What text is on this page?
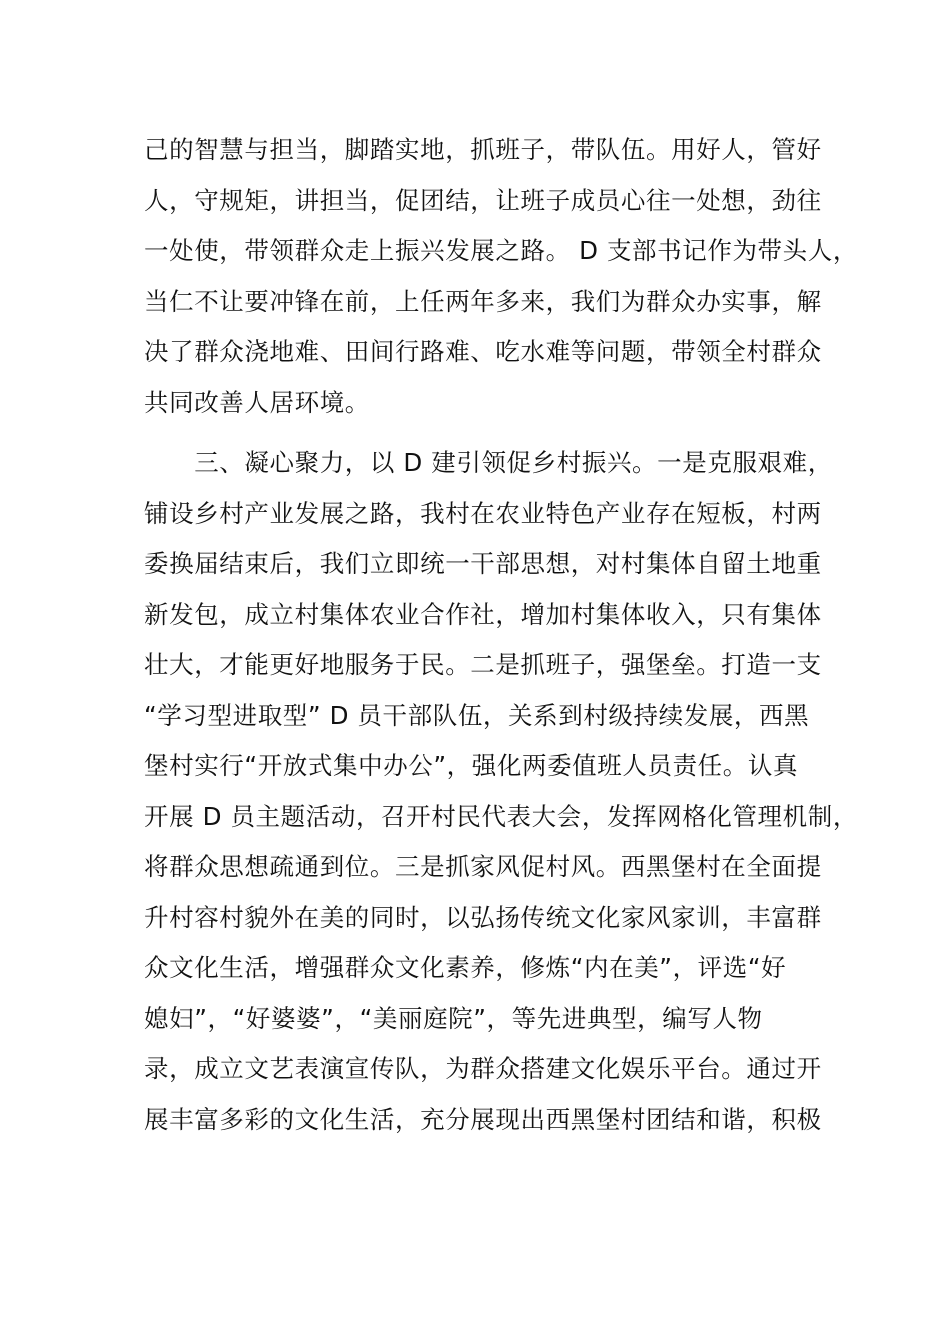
己的智慧与担当，脚踏实地，抓班子，带队伍。用好人，管好
人，守规矩，讲担当，促团结，让班子成员心往一处想，劲往
一处使，带领群众走上振兴发展之路。 D 支部书记作为带头人，
当仁不让要冲锋在前，上任两年多来，我们为群众办实事，解
决了群众浇地难、田间行路难、吃水难等问题，带领全村群众
共同改善人居环境。
　　三、凝心聚力，以 D 建引领促乡村振兴。一是克服艰难，
铺设乡村产业发展之路，我村在农业特色产业存在短板，村两
委换届结束后，我们立即统一干部思想，对村集体自留土地重
新发包，成立村集体农业合作社，增加村集体收入，只有集体
壮大，才能更好地服务于民。二是抓班子，强堡垒。打造一支
“学习型进取型” D 员干部队伍，关系到村级持续发展，西黑
堡村实行“开放式集中办公”，强化两委值班人员责任。认真
开展 D 员主题活动，召开村民代表大会，发挥网格化管理机制，
将群众思想疏通到位。三是抓家风促村风。西黑堡村在全面提
升村容村貌外在美的同时，以弘扬传统文化家风家训，丰富群
众文化生活，增强群众文化素养，修炼“内在美”，评选“好
媳妇”，“好婆婆”，“美丽庭院”，等先进典型，编写人物
录，成立文艺表演宣传队，为群众搭建文化娱乐平台。通过开
展丰富多彩的文化生活，充分展现出西黑堡村团结和谐，积极
